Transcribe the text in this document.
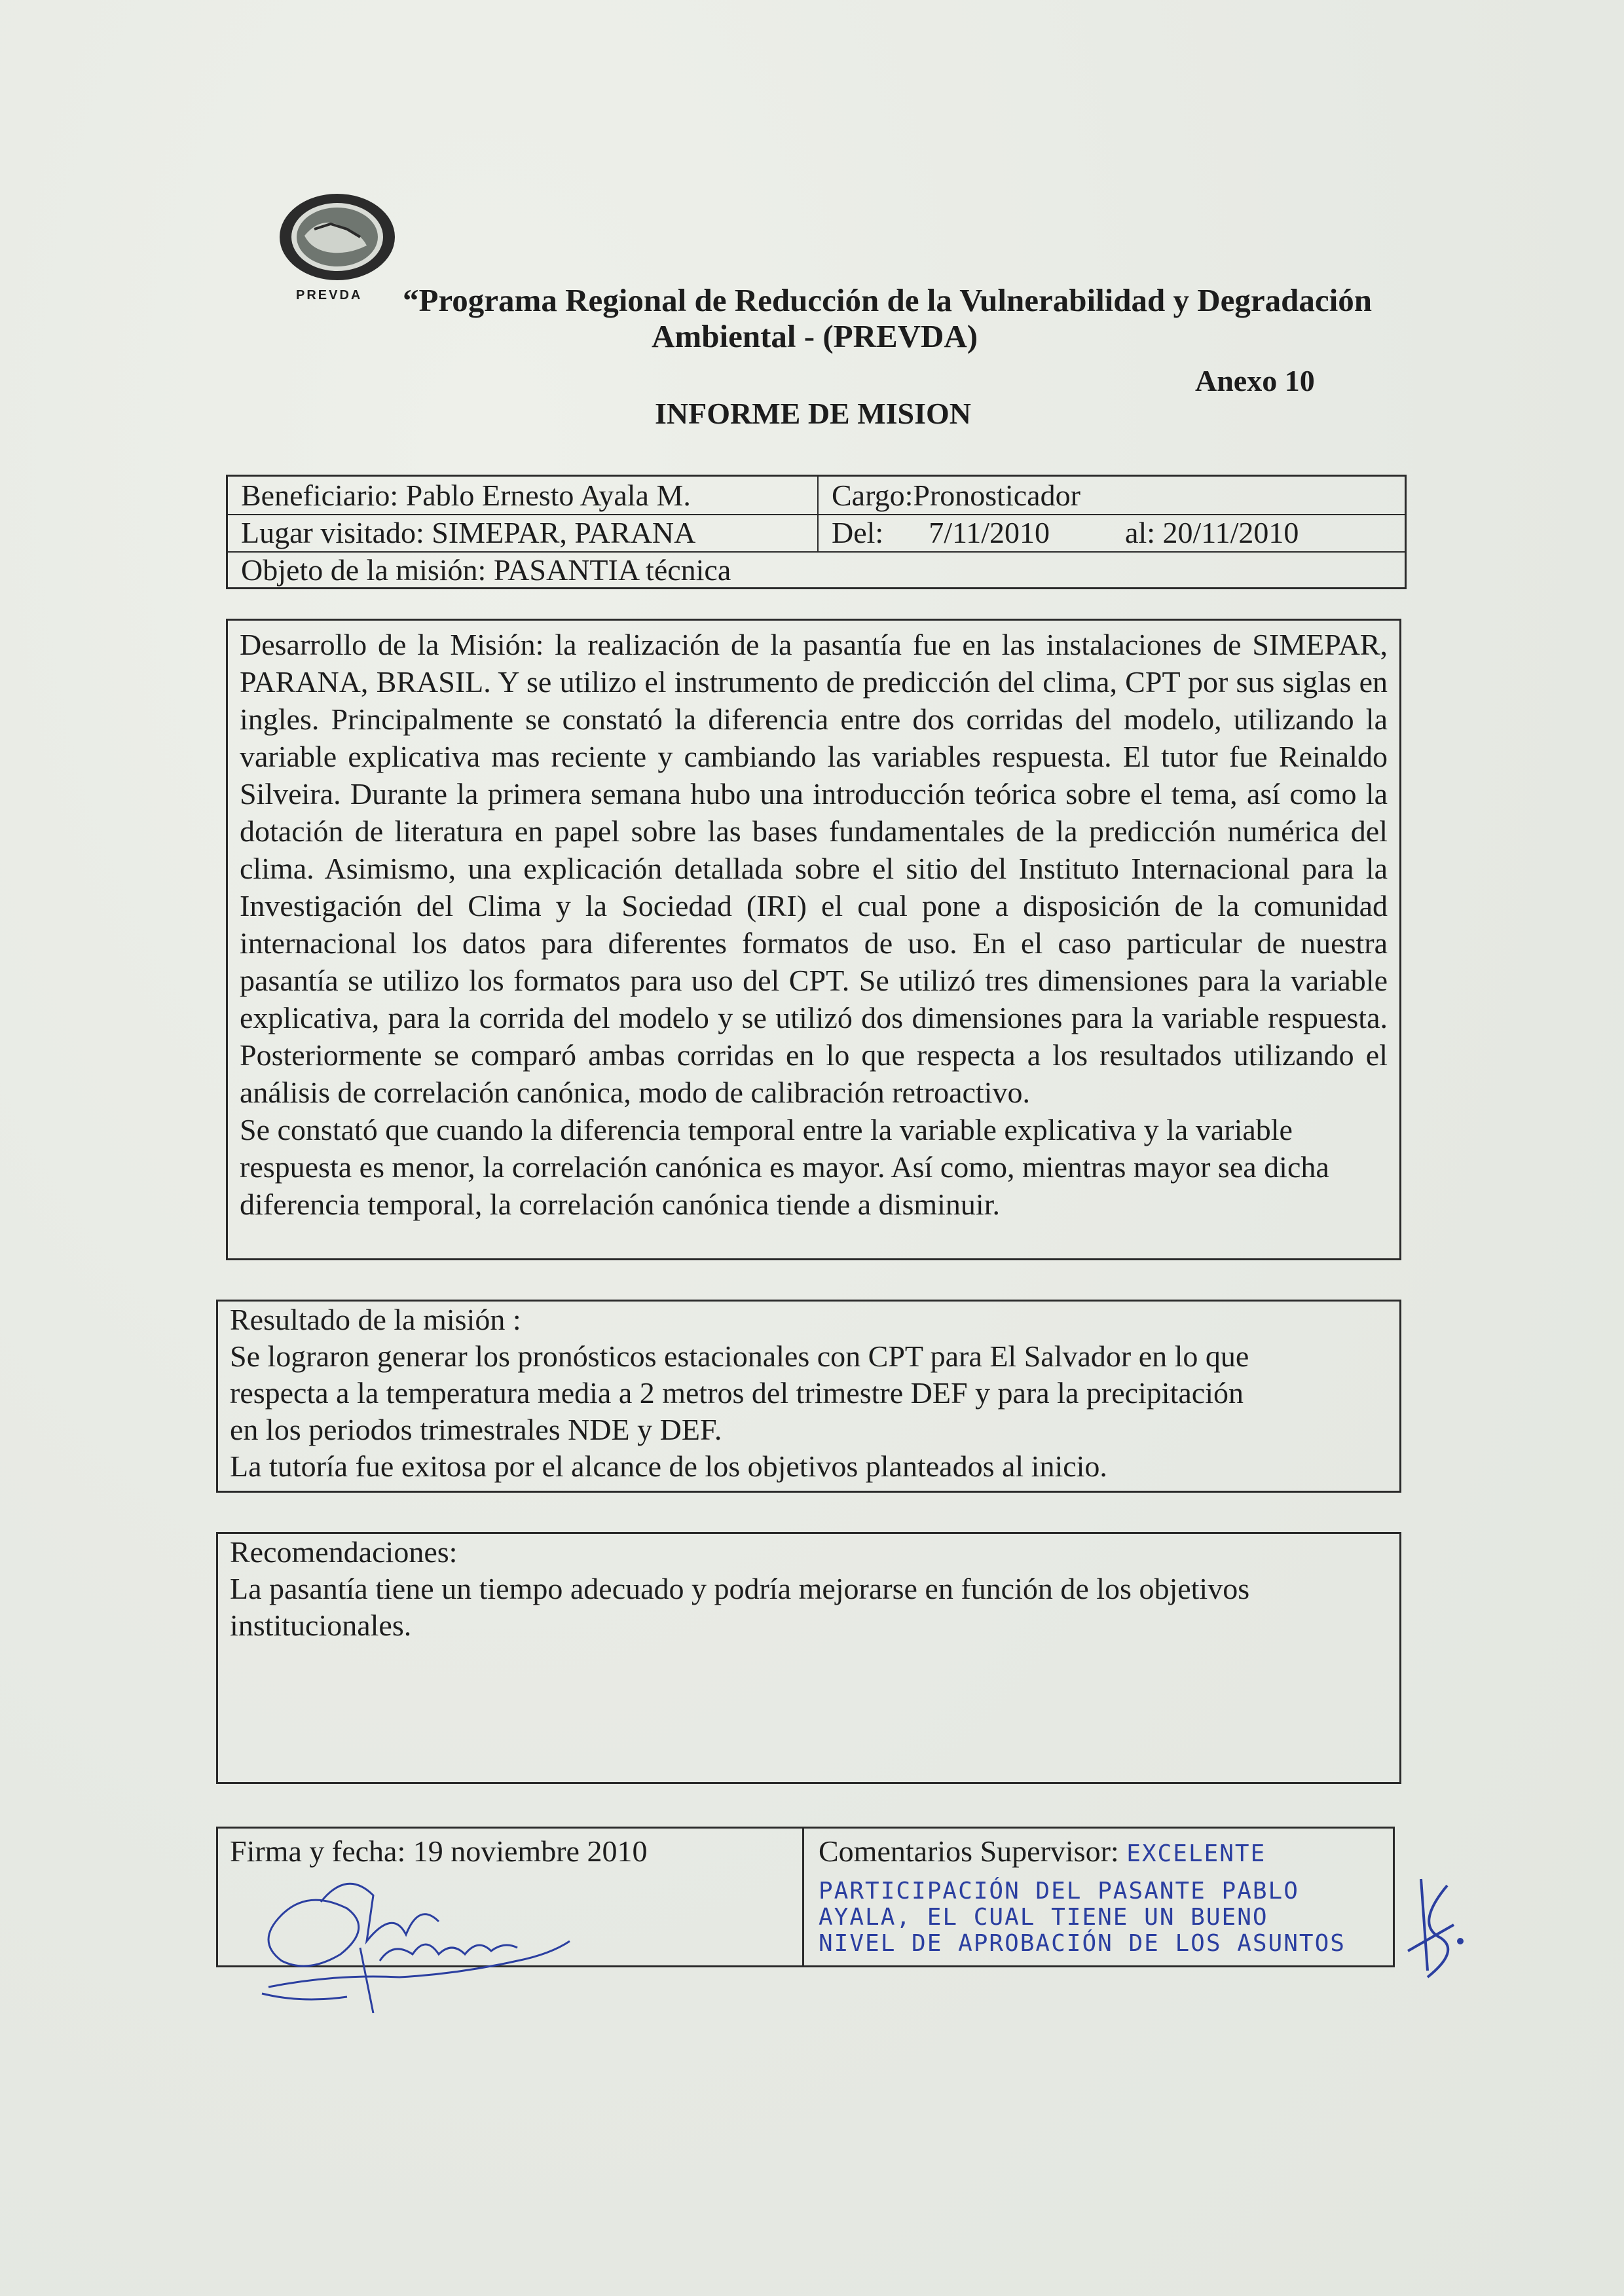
PREVDA “Programa Regional de Reducción de la Vulnerabilidad y Degradación
Ambiental - (PREVDA)
Anexo 10
INFORME DE MISION
Beneficiario: Pablo Ernesto Ayala M.	Cargo:Pronosticador
Lugar visitado: SIMEPAR, PARANA	Del:      7/11/2010          al: 20/11/2010
Objeto de la misión: PASANTIA técnica

Desarrollo de la Misión: la realización de la pasantía fue en las instalaciones de SIMEPAR, PARANA, BRASIL. Y se utilizo el instrumento de predicción del clima, CPT por sus siglas en ingles. Principalmente se constató la diferencia entre dos corridas del modelo, utilizando la variable explicativa mas reciente y cambiando las variables respuesta. El tutor fue Reinaldo Silveira. Durante la primera semana hubo una introducción teórica sobre el tema, así como la dotación de literatura en papel sobre las bases fundamentales de la predicción numérica del clima. Asimismo, una explicación detallada sobre el sitio del Instituto Internacional para la Investigación del Clima y la Sociedad (IRI) el cual pone a disposición de la comunidad internacional los datos para diferentes formatos de uso. En el caso particular de nuestra pasantía se utilizo los formatos para uso del CPT. Se utilizó tres dimensiones para la variable explicativa, para la corrida del modelo y se utilizó dos dimensiones para la variable respuesta. Posteriormente se comparó ambas corridas en lo que respecta a los resultados utilizando el análisis de correlación canónica, modo de calibración retroactivo.

Se constató que cuando la diferencia temporal entre la variable explicativa y la variable respuesta es menor, la correlación canónica es mayor. Así como, mientras mayor sea dicha diferencia temporal, la correlación canónica tiende a disminuir.

Resultado de la misión :

Se lograron generar los pronósticos estacionales con CPT para El Salvador en lo que

respecta a la temperatura media a 2 metros del trimestre DEF y para la precipitación

en los periodos trimestrales NDE y DEF.

La tutoría fue exitosa por el alcance de los objetivos planteados al inicio.

Recomendaciones:

La pasantía tiene un tiempo adecuado y podría mejorarse en función de los objetivos

institucionales.

Firma y fecha: 19 noviembre 2010	Comentarios Supervisor: EXCELENTE
PARTICIPACIÓN DEL PASANTE PABLO
AYALA, EL CUAL TIENE UN BUENO
NIVEL DE APROBACIÓN DE LOS ASUNTOS
